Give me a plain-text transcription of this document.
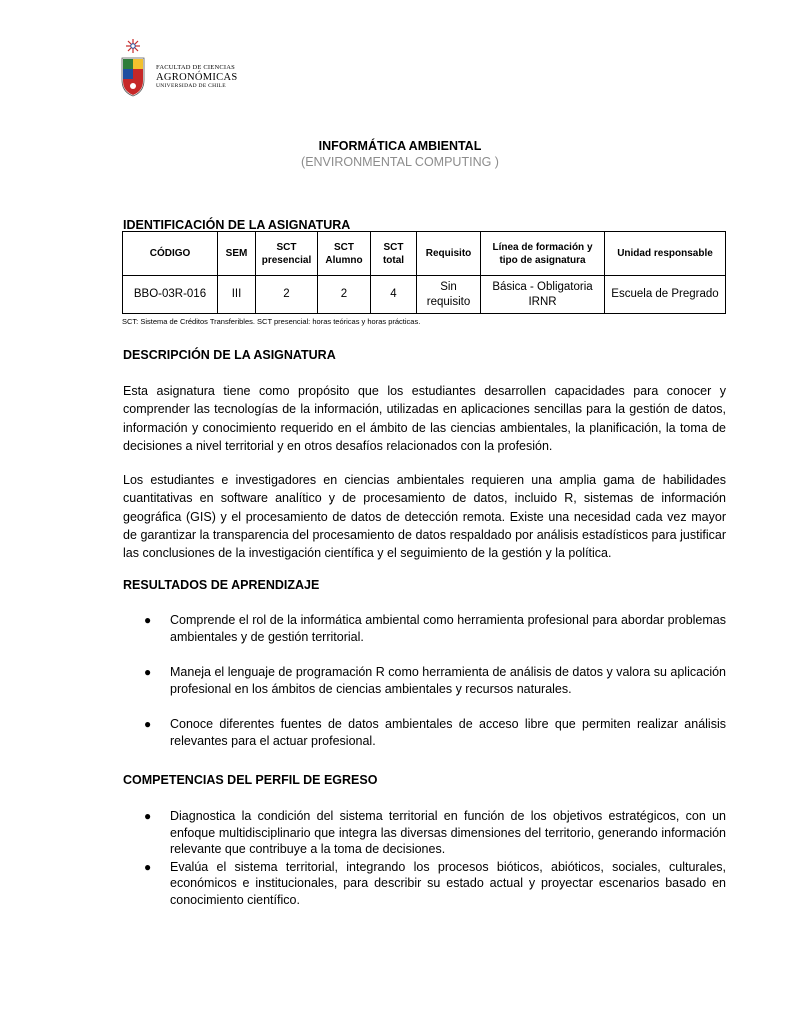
FACULTAD DE CIENCIAS
AGRONÓMICAS
UNIVERSIDAD DE CHILE
INFORMÁTICA AMBIENTAL
(ENVIRONMENTAL COMPUTING )
IDENTIFICACIÓN DE LA ASIGNATURA
CÓDIGO	SEM	SCT presencial	SCT Alumno	SCT total	Requisito	Línea de formación y tipo de asignatura	Unidad responsable
BBO-03R-016	III	2	2	4	Sin requisito	Básica - Obligatoria IRNR	Escuela de Pregrado
SCT: Sistema de Créditos Transferibles. SCT presencial: horas teóricas y horas prácticas.
DESCRIPCIÓN DE LA ASIGNATURA
Esta asignatura tiene como propósito que los estudiantes desarrollen capacidades para conocer y comprender las tecnologías de la información, utilizadas en aplicaciones sencillas para la gestión de datos, información y conocimiento requerido en el ámbito de las ciencias ambientales, la planificación, la toma de decisiones a nivel territorial y en otros desafíos relacionados con la profesión.
Los estudiantes e investigadores en ciencias ambientales requieren una amplia gama de habilidades cuantitativas en software analítico y de procesamiento de datos, incluido R, sistemas de información geográfica (GIS) y el procesamiento de datos de detección remota. Existe una necesidad cada vez mayor de garantizar la transparencia del procesamiento de datos respaldado por análisis estadísticos para justificar las conclusiones de la investigación científica y el seguimiento de la gestión y la política.
RESULTADOS DE APRENDIZAJE
● Comprende el rol de la informática ambiental como herramienta profesional para abordar problemas ambientales y de gestión territorial.
● Maneja el lenguaje de programación R como herramienta de análisis de datos y valora su aplicación profesional en los ámbitos de ciencias ambientales y recursos naturales.
● Conoce diferentes fuentes de datos ambientales de acceso libre que permiten realizar análisis relevantes para el actuar profesional.
COMPETENCIAS DEL PERFIL DE EGRESO
● Diagnostica la condición del sistema territorial en función de los objetivos estratégicos, con un enfoque multidisciplinario que integra las diversas dimensiones del territorio, generando información relevante que contribuye a la toma de decisiones.
● Evalúa el sistema territorial, integrando los procesos bióticos, abióticos, sociales, culturales, económicos e institucionales, para describir su estado actual y proyectar escenarios basado en conocimiento científico.
